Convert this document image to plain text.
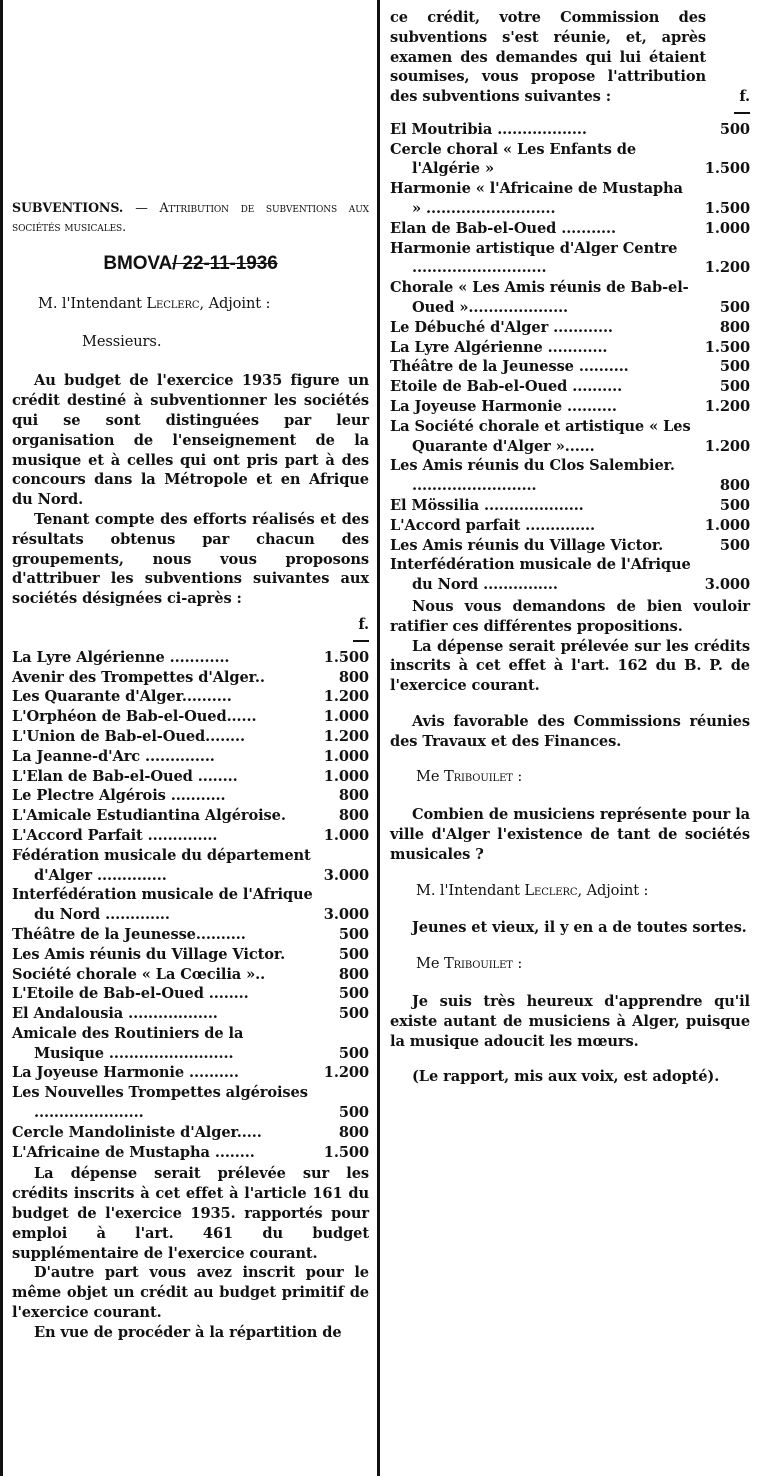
SUBVENTIONS. — Attribution de subventions aux sociétés musicales.

BMOVA/ 22-11-1936

M. l'Intendant Leclerc, Adjoint :

Messieurs.

Au budget de l'exercice 1935 figure un crédit destiné à subventionner les sociétés qui se sont distinguées par leur organisation de l'enseignement de la musique et à celles qui ont pris part à des concours dans la Métropole et en Afrique du Nord.

Tenant compte des efforts réalisés et des résultats obtenus par chacun des groupements, nous vous proposons d'attribuer les subventions suivantes aux sociétés désignées ci-après :

f.

La Lyre Algérienne ............	1.500
Avenir des Trompettes d'Alger..	800
Les Quarante d'Alger..........	1.200
L'Orphéon de Bab-el-Oued......	1.000
L'Union de Bab-el-Oued........	1.200
La Jeanne-d'Arc ..............	1.000
L'Elan de Bab-el-Oued ........	1.000
Le Plectre Algérois ...........	800
L'Amicale Estudiantina Algéroise.	800
L'Accord Parfait ..............	1.000
Fédération musicale du département d'Alger ..............	3.000
Interfédération musicale de l'Afrique du Nord .............	3.000
Théâtre de la Jeunesse..........	500
Les Amis réunis du Village Victor.	500
Société chorale « La Cœcilia »..	800
L'Etoile de Bab-el-Oued ........	500
El Andalousia ..................	500
Amicale des Routiniers de la Musique .........................	500
La Joyeuse Harmonie ..........	1.200
Les Nouvelles Trompettes algéroises ......................	500
Cercle Mandoliniste d'Alger.....	800
L'Africaine de Mustapha ........	1.500

La dépense serait prélevée sur les crédits inscrits à cet effet à l'article 161 du budget de l'exercice 1935. rapportés pour emploi à l'art. 461 du budget supplémentaire de l'exercice courant.

D'autre part vous avez inscrit pour le même objet un crédit au budget primitif de l'exercice courant.

En vue de procéder à la répartition de

ce crédit, votre Commission des subventions s'est réunie, et, après examen des demandes qui lui étaient soumises, vous propose l'attribution des subventions suivantes :	f.

El Moutribia ..................	500
Cercle choral « Les Enfants de l'Algérie »	1.500
Harmonie « l'Africaine de Mustapha » ..........................	1.500
Elan de Bab-el-Oued ...........	1.000
Harmonie artistique d'Alger Centre ...........................	1.200
Chorale « Les Amis réunis de Bab-el-Oued »....................	500
Le Débuché d'Alger ............	800
La Lyre Algérienne ............	1.500
Théâtre de la Jeunesse ..........	500
Etoile de Bab-el-Oued ..........	500
La Joyeuse Harmonie ..........	1.200
La Société chorale et artistique « Les Quarante d'Alger »......	1.200
Les Amis réunis du Clos Salembier. .........................	800
El Mössilia ....................	500
L'Accord parfait ..............	1.000
Les Amis réunis du Village Victor.	500
Interfédération musicale de l'Afrique du Nord ...............	3.000

Nous vous demandons de bien vouloir ratifier ces différentes propositions.

La dépense serait prélevée sur les crédits inscrits à cet effet à l'art. 162 du B. P. de l'exercice courant.

Avis favorable des Commissions réunies des Travaux et des Finances.

Me Tribouilet :

Combien de musiciens représente pour la ville d'Alger l'existence de tant de sociétés musicales ?

M. l'Intendant Leclerc, Adjoint :

Jeunes et vieux, il y en a de toutes sortes.

Me Tribouilet :

Je suis très heureux d'apprendre qu'il existe autant de musiciens à Alger, puisque la musique adoucit les mœurs.

(Le rapport, mis aux voix, est adopté).
